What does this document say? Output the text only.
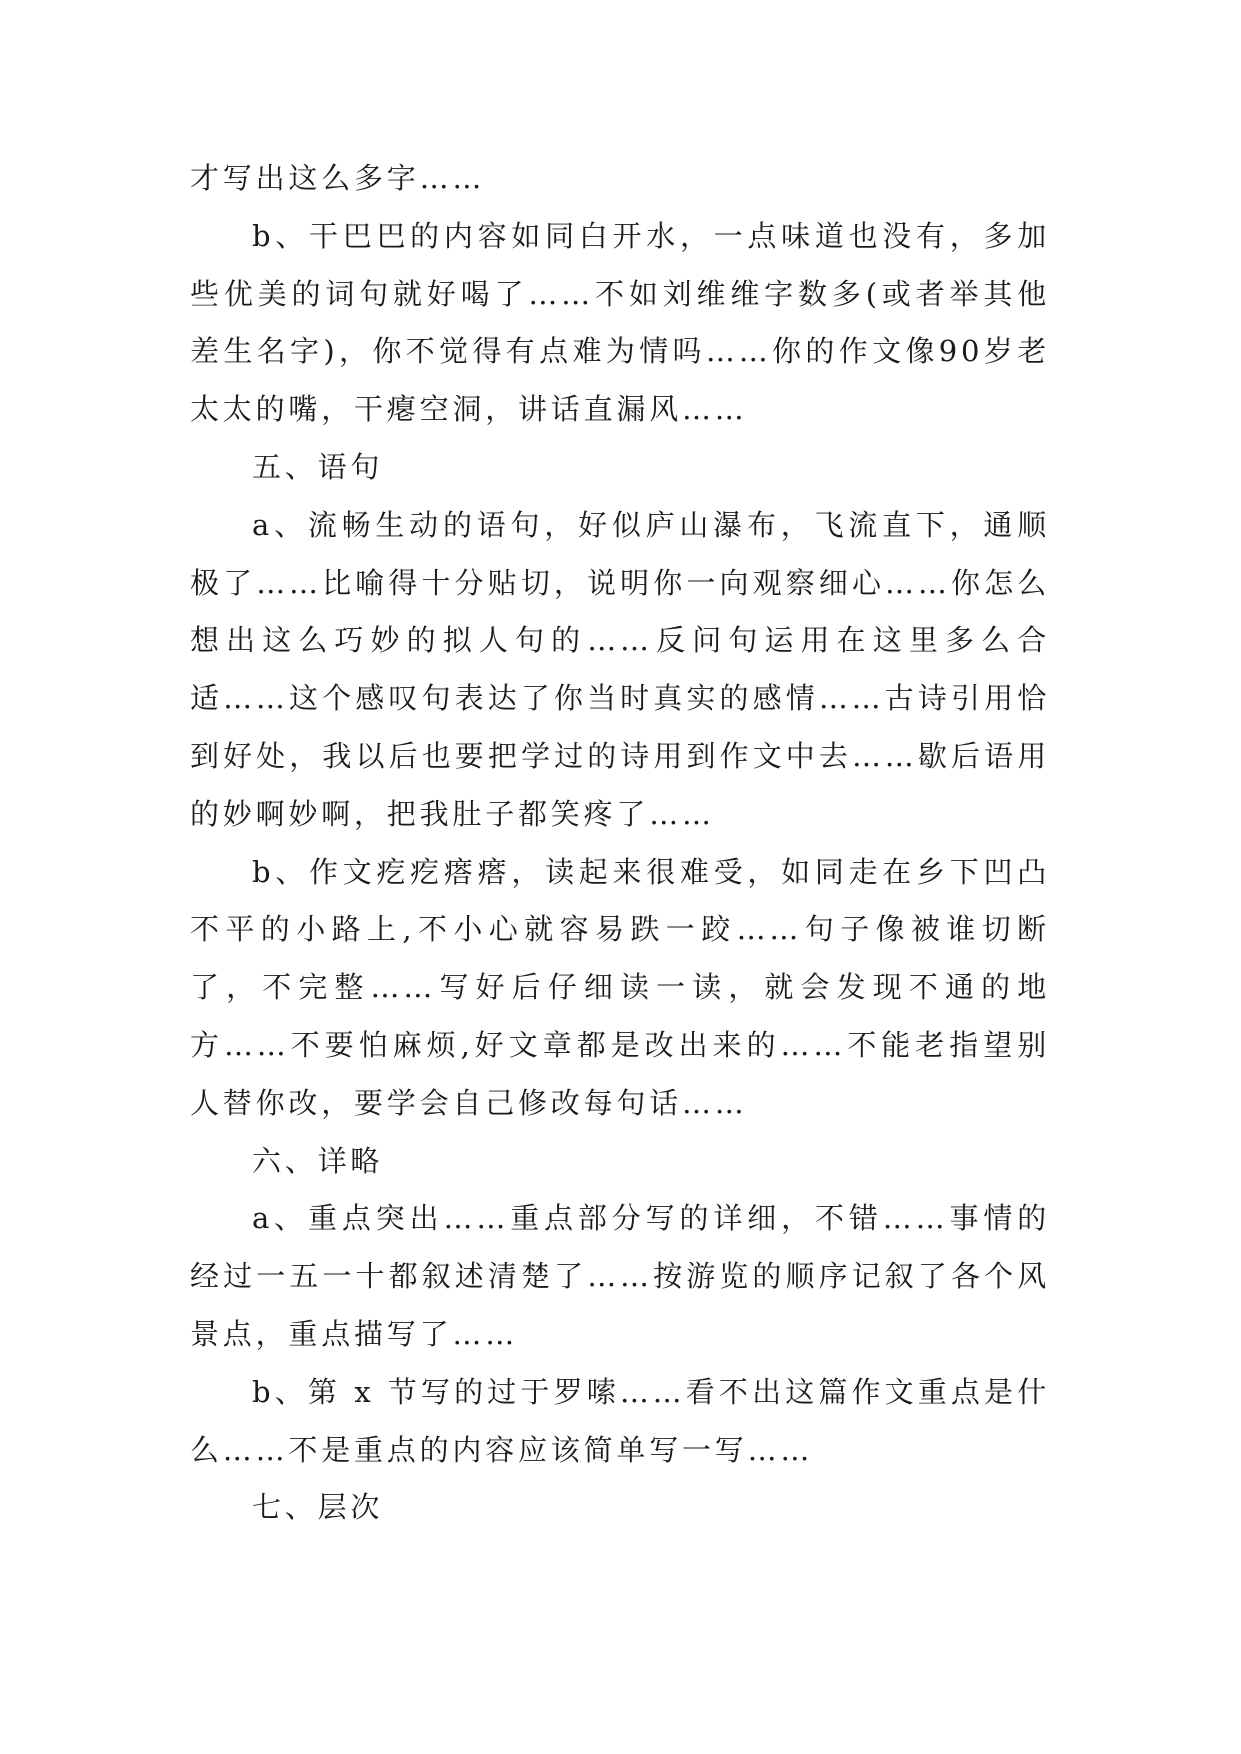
才写出这么多字……

b、干巴巴的内容如同白开水，一点味道也没有，多加些优美的词句就好喝了……不如刘维维字数多(或者举其他差生名字)，你不觉得有点难为情吗……你的作文像90岁老太太的嘴，干瘪空洞，讲话直漏风……

五、语句

a、流畅生动的语句，好似庐山瀑布，飞流直下，通顺极了……比喻得十分贴切，说明你一向观察细心……你怎么想出这么巧妙的拟人句的……反问句运用在这里多么合适……这个感叹句表达了你当时真实的感情……古诗引用恰到好处，我以后也要把学过的诗用到作文中去……歇后语用的妙啊妙啊，把我肚子都笑疼了……

b、作文疙疙瘩瘩，读起来很难受，如同走在乡下凹凸不平的小路上,不小心就容易跌一跤……句子像被谁切断了，不完整……写好后仔细读一读，就会发现不通的地方……不要怕麻烦,好文章都是改出来的……不能老指望别人替你改，要学会自己修改每句话……

六、详略

a、重点突出……重点部分写的详细，不错……事情的经过一五一十都叙述清楚了……按游览的顺序记叙了各个风景点，重点描写了……

b、第 x 节写的过于罗嗦……看不出这篇作文重点是什么……不是重点的内容应该简单写一写……

七、层次
